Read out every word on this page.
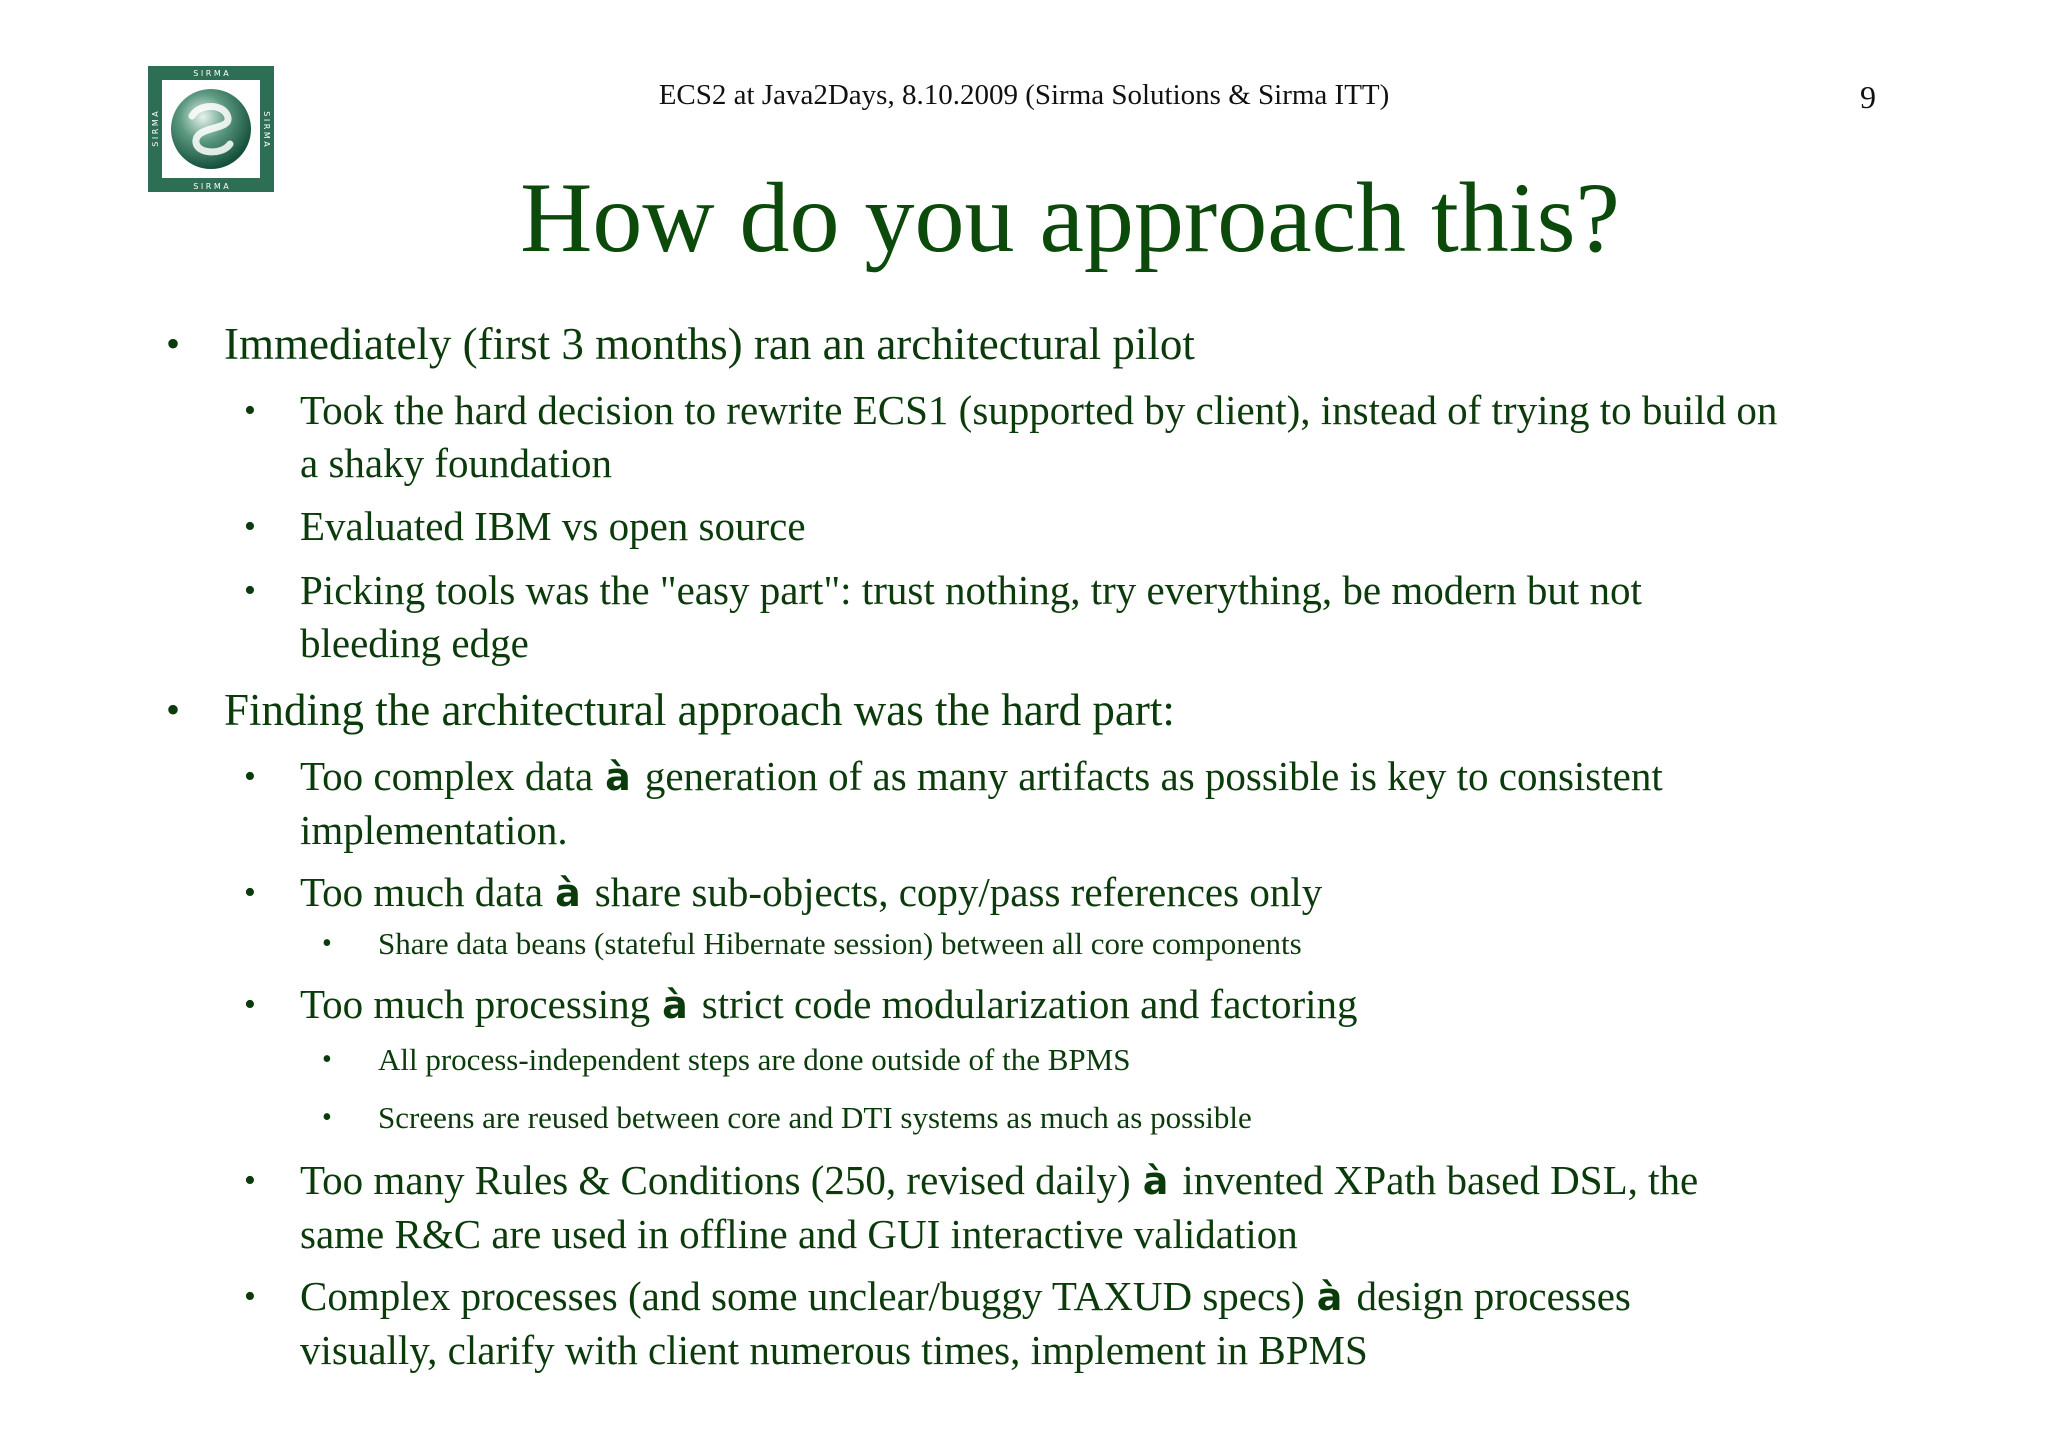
S I R M A
S I R M A
S I R M A	S I R M A
ECS2 at Java2Days, 8.10.2009 (Sirma Solutions & Sirma ITT)	9
How do you approach this?
• Immediately (first 3 months) ran an architectural pilot
•	Took the hard decision to rewrite ECS1 (supported by client), instead of trying to build on
a shaky foundation
•	Evaluated IBM vs open source
•	Picking tools was the "easy part": trust nothing, try everything, be modern but not
bleeding edge
• Finding the architectural approach was the hard part:
•	Too complex data à generation of as many artifacts as possible is key to consistent
implementation.
•	Too much data à share sub-objects, copy/pass references only
•	Share data beans (stateful Hibernate session) between all core components
•	Too much processing à strict code modularization and factoring
•	All process-independent steps are done outside of the BPMS
•	Screens are reused between core and DTI systems as much as possible
•	Too many Rules & Conditions (250, revised daily) à invented XPath based DSL, the
same R&C are used in offline and GUI interactive validation
•	Complex processes (and some unclear/buggy TAXUD specs) à design processes
visually, clarify with client numerous times, implement in BPMS
